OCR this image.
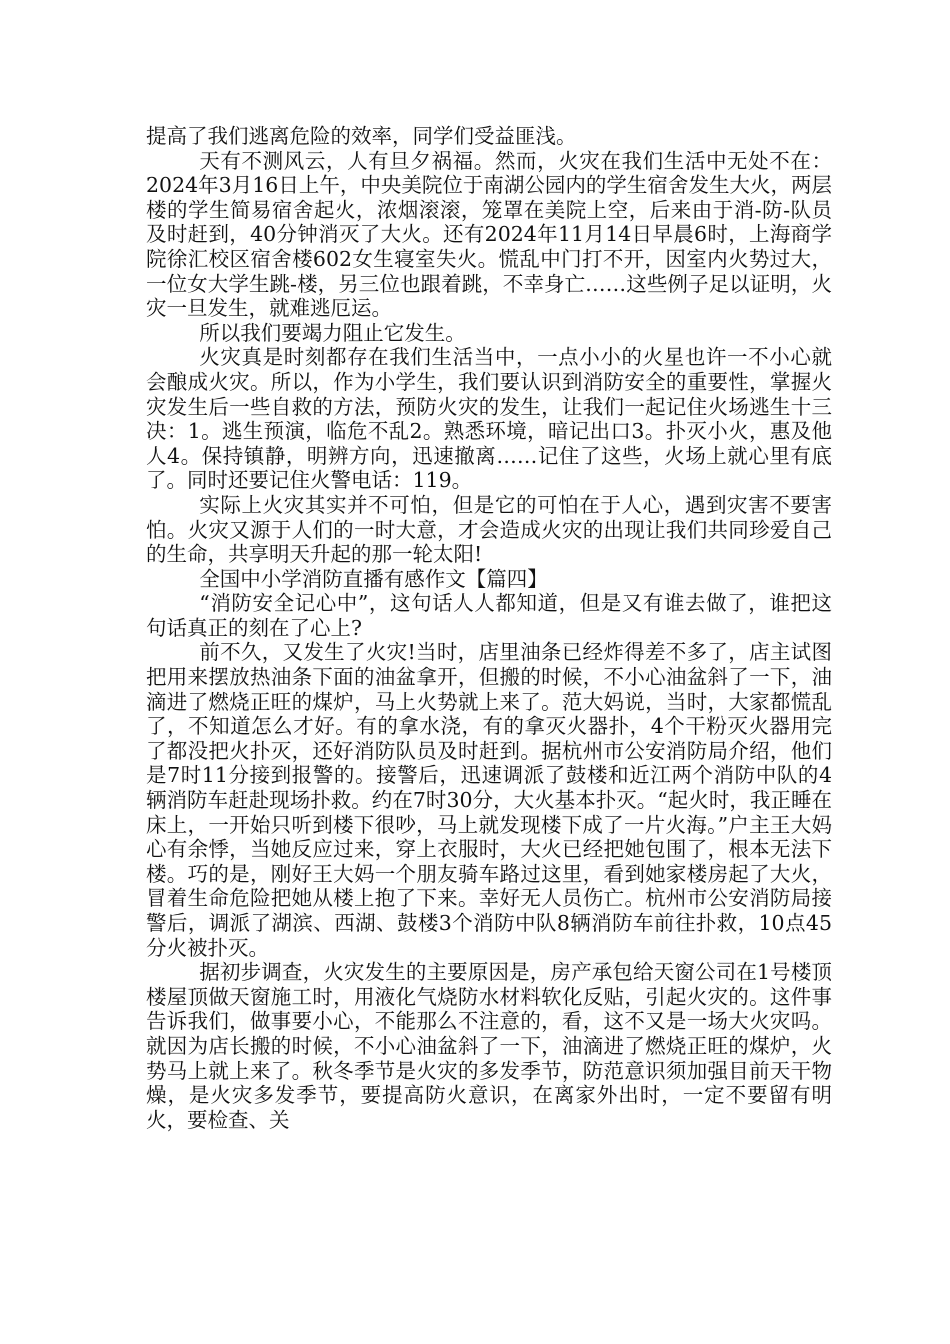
提高了我们逃离危险的效率，同学们受益匪浅。

天有不测风云，人有旦夕祸福。然而，火灾在我们生活中无处不在：2024年3月16日上午，中央美院位于南湖公园内的学生宿舍发生大火，两层楼的学生简易宿舍起火，浓烟滚滚，笼罩在美院上空，后来由于消-防-队员及时赶到，40分钟消灭了大火。还有2024年11月14日早晨6时，上海商学院徐汇校区宿舍楼602女生寝室失火。慌乱中门打不开，因室内火势过大，一位女大学生跳-楼，另三位也跟着跳，不幸身亡……这些例子足以证明，火灾一旦发生，就难逃厄运。

所以我们要竭力阻止它发生。

火灾真是时刻都存在我们生活当中，一点小小的火星也许一不小心就会酿成火灾。所以，作为小学生，我们要认识到消防安全的重要性，掌握火灾发生后一些自救的方法，预防火灾的发生，让我们一起记住火场逃生十三决：1。逃生预演，临危不乱2。熟悉环境，暗记出口3。扑灭小火，惠及他人4。保持镇静，明辨方向，迅速撤离……记住了这些，火场上就心里有底了。同时还要记住火警电话：119。

实际上火灾其实并不可怕，但是它的可怕在于人心，遇到灾害不要害怕。火灾又源于人们的一时大意，才会造成火灾的出现让我们共同珍爱自己的生命，共享明天升起的那一轮太阳!

全国中小学消防直播有感作文【篇四】

“消防安全记心中”，这句话人人都知道，但是又有谁去做了，谁把这句话真正的刻在了心上?

前不久，又发生了火灾!当时，店里油条已经炸得差不多了，店主试图把用来摆放热油条下面的油盆拿开，但搬的时候，不小心油盆斜了一下，油滴进了燃烧正旺的煤炉，马上火势就上来了。范大妈说，当时，大家都慌乱了，不知道怎么才好。有的拿水浇，有的拿灭火器扑，4个干粉灭火器用完了都没把火扑灭，还好消防队员及时赶到。据杭州市公安消防局介绍，他们是7时11分接到报警的。接警后，迅速调派了鼓楼和近江两个消防中队的4辆消防车赶赴现场扑救。约在7时30分，大火基本扑灭。“起火时，我正睡在床上，一开始只听到楼下很吵，马上就发现楼下成了一片火海。”户主王大妈心有余悸，当她反应过来，穿上衣服时，大火已经把她包围了，根本无法下楼。巧的是，刚好王大妈一个朋友骑车路过这里，看到她家楼房起了大火，冒着生命危险把她从楼上抱了下来。幸好无人员伤亡。杭州市公安消防局接警后，调派了湖滨、西湖、鼓楼3个消防中队8辆消防车前往扑救，10点45分火被扑灭。

据初步调查，火灾发生的主要原因是，房产承包给天窗公司在1号楼顶楼屋顶做天窗施工时，用液化气烧防水材料软化反贴，引起火灾的。这件事告诉我们，做事要小心，不能那么不注意的，看，这不又是一场大火灾吗。就因为店长搬的时候，不小心油盆斜了一下，油滴进了燃烧正旺的煤炉，火势马上就上来了。秋冬季节是火灾的多发季节，防范意识须加强目前天干物燥，是火灾多发季节，要提高防火意识，在离家外出时，一定不要留有明火，要检查、关
